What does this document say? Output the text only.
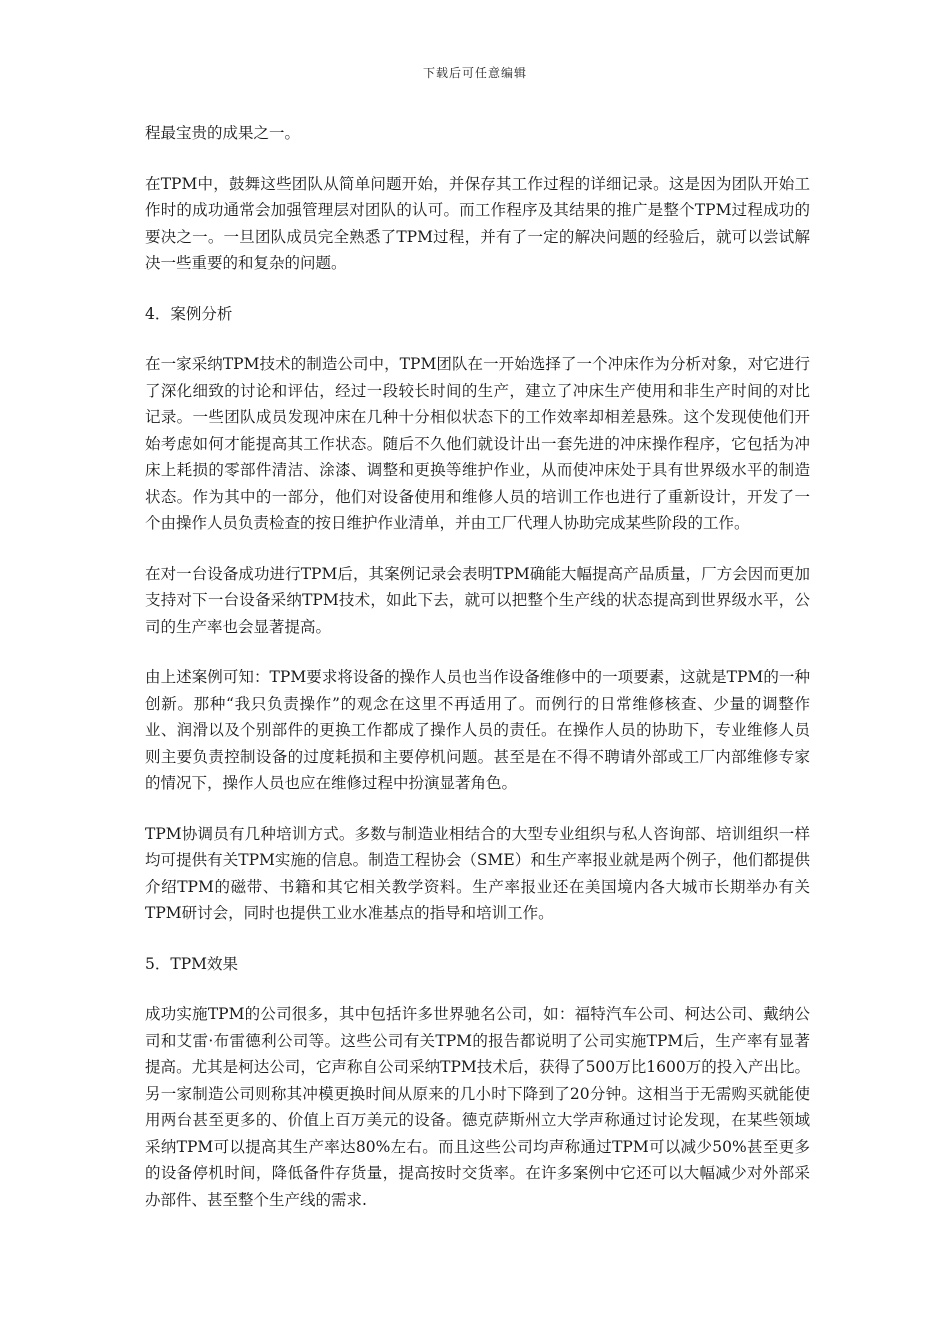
下载后可任意编辑

程最宝贵的成果之一。

在TPM中，鼓舞这些团队从简单问题开始，并保存其工作过程的详细记录。这是因为团队开始工作时的成功通常会加强管理层对团队的认可。而工作程序及其结果的推广是整个TPM过程成功的要决之一。一旦团队成员完全熟悉了TPM过程，并有了一定的解决问题的经验后，就可以尝试解决一些重要的和复杂的问题。

4．案例分析

在一家采纳TPM技术的制造公司中，TPM团队在一开始选择了一个冲床作为分析对象，对它进行了深化细致的讨论和评估，经过一段较长时间的生产，建立了冲床生产使用和非生产时间的对比记录。一些团队成员发现冲床在几种十分相似状态下的工作效率却相差悬殊。这个发现使他们开始考虑如何才能提高其工作状态。随后不久他们就设计出一套先进的冲床操作程序，它包括为冲床上耗损的零部件清洁、涂漆、调整和更换等维护作业，从而使冲床处于具有世界级水平的制造状态。作为其中的一部分，他们对设备使用和维修人员的培训工作也进行了重新设计，开发了一个由操作人员负责检查的按日维护作业清单，并由工厂代理人协助完成某些阶段的工作。

在对一台设备成功进行TPM后，其案例记录会表明TPM确能大幅提高产品质量，厂方会因而更加支持对下一台设备采纳TPM技术，如此下去，就可以把整个生产线的状态提高到世界级水平，公司的生产率也会显著提高。

由上述案例可知：TPM要求将设备的操作人员也当作设备维修中的一项要素，这就是TPM的一种创新。那种“我只负责操作”的观念在这里不再适用了。而例行的日常维修核查、少量的调整作业、润滑以及个别部件的更换工作都成了操作人员的责任。在操作人员的协助下，专业维修人员则主要负责控制设备的过度耗损和主要停机问题。甚至是在不得不聘请外部或工厂内部维修专家的情况下，操作人员也应在维修过程中扮演显著角色。

TPM协调员有几种培训方式。多数与制造业相结合的大型专业组织与私人咨询部、培训组织一样均可提供有关TPM实施的信息。制造工程协会（SME）和生产率报业就是两个例子，他们都提供介绍TPM的磁带、书籍和其它相关教学资料。生产率报业还在美国境内各大城市长期举办有关TPM研讨会，同时也提供工业水准基点的指导和培训工作。

5．TPM效果

成功实施TPM的公司很多，其中包括许多世界驰名公司，如：福特汽车公司、柯达公司、戴纳公司和艾雷·布雷德利公司等。这些公司有关TPM的报告都说明了公司实施TPM后，生产率有显著提高。尤其是柯达公司，它声称自公司采纳TPM技术后，获得了500万比1600万的投入产出比。另一家制造公司则称其冲模更换时间从原来的几小时下降到了20分钟。这相当于无需购买就能使用两台甚至更多的、价值上百万美元的设备。德克萨斯州立大学声称通过讨论发现，在某些领域采纳TPM可以提高其生产率达80%左右。而且这些公司均声称通过TPM可以减少50%甚至更多的设备停机时间，降低备件存货量，提高按时交货率。在许多案例中它还可以大幅减少对外部采办部件、甚至整个生产线的需求.
